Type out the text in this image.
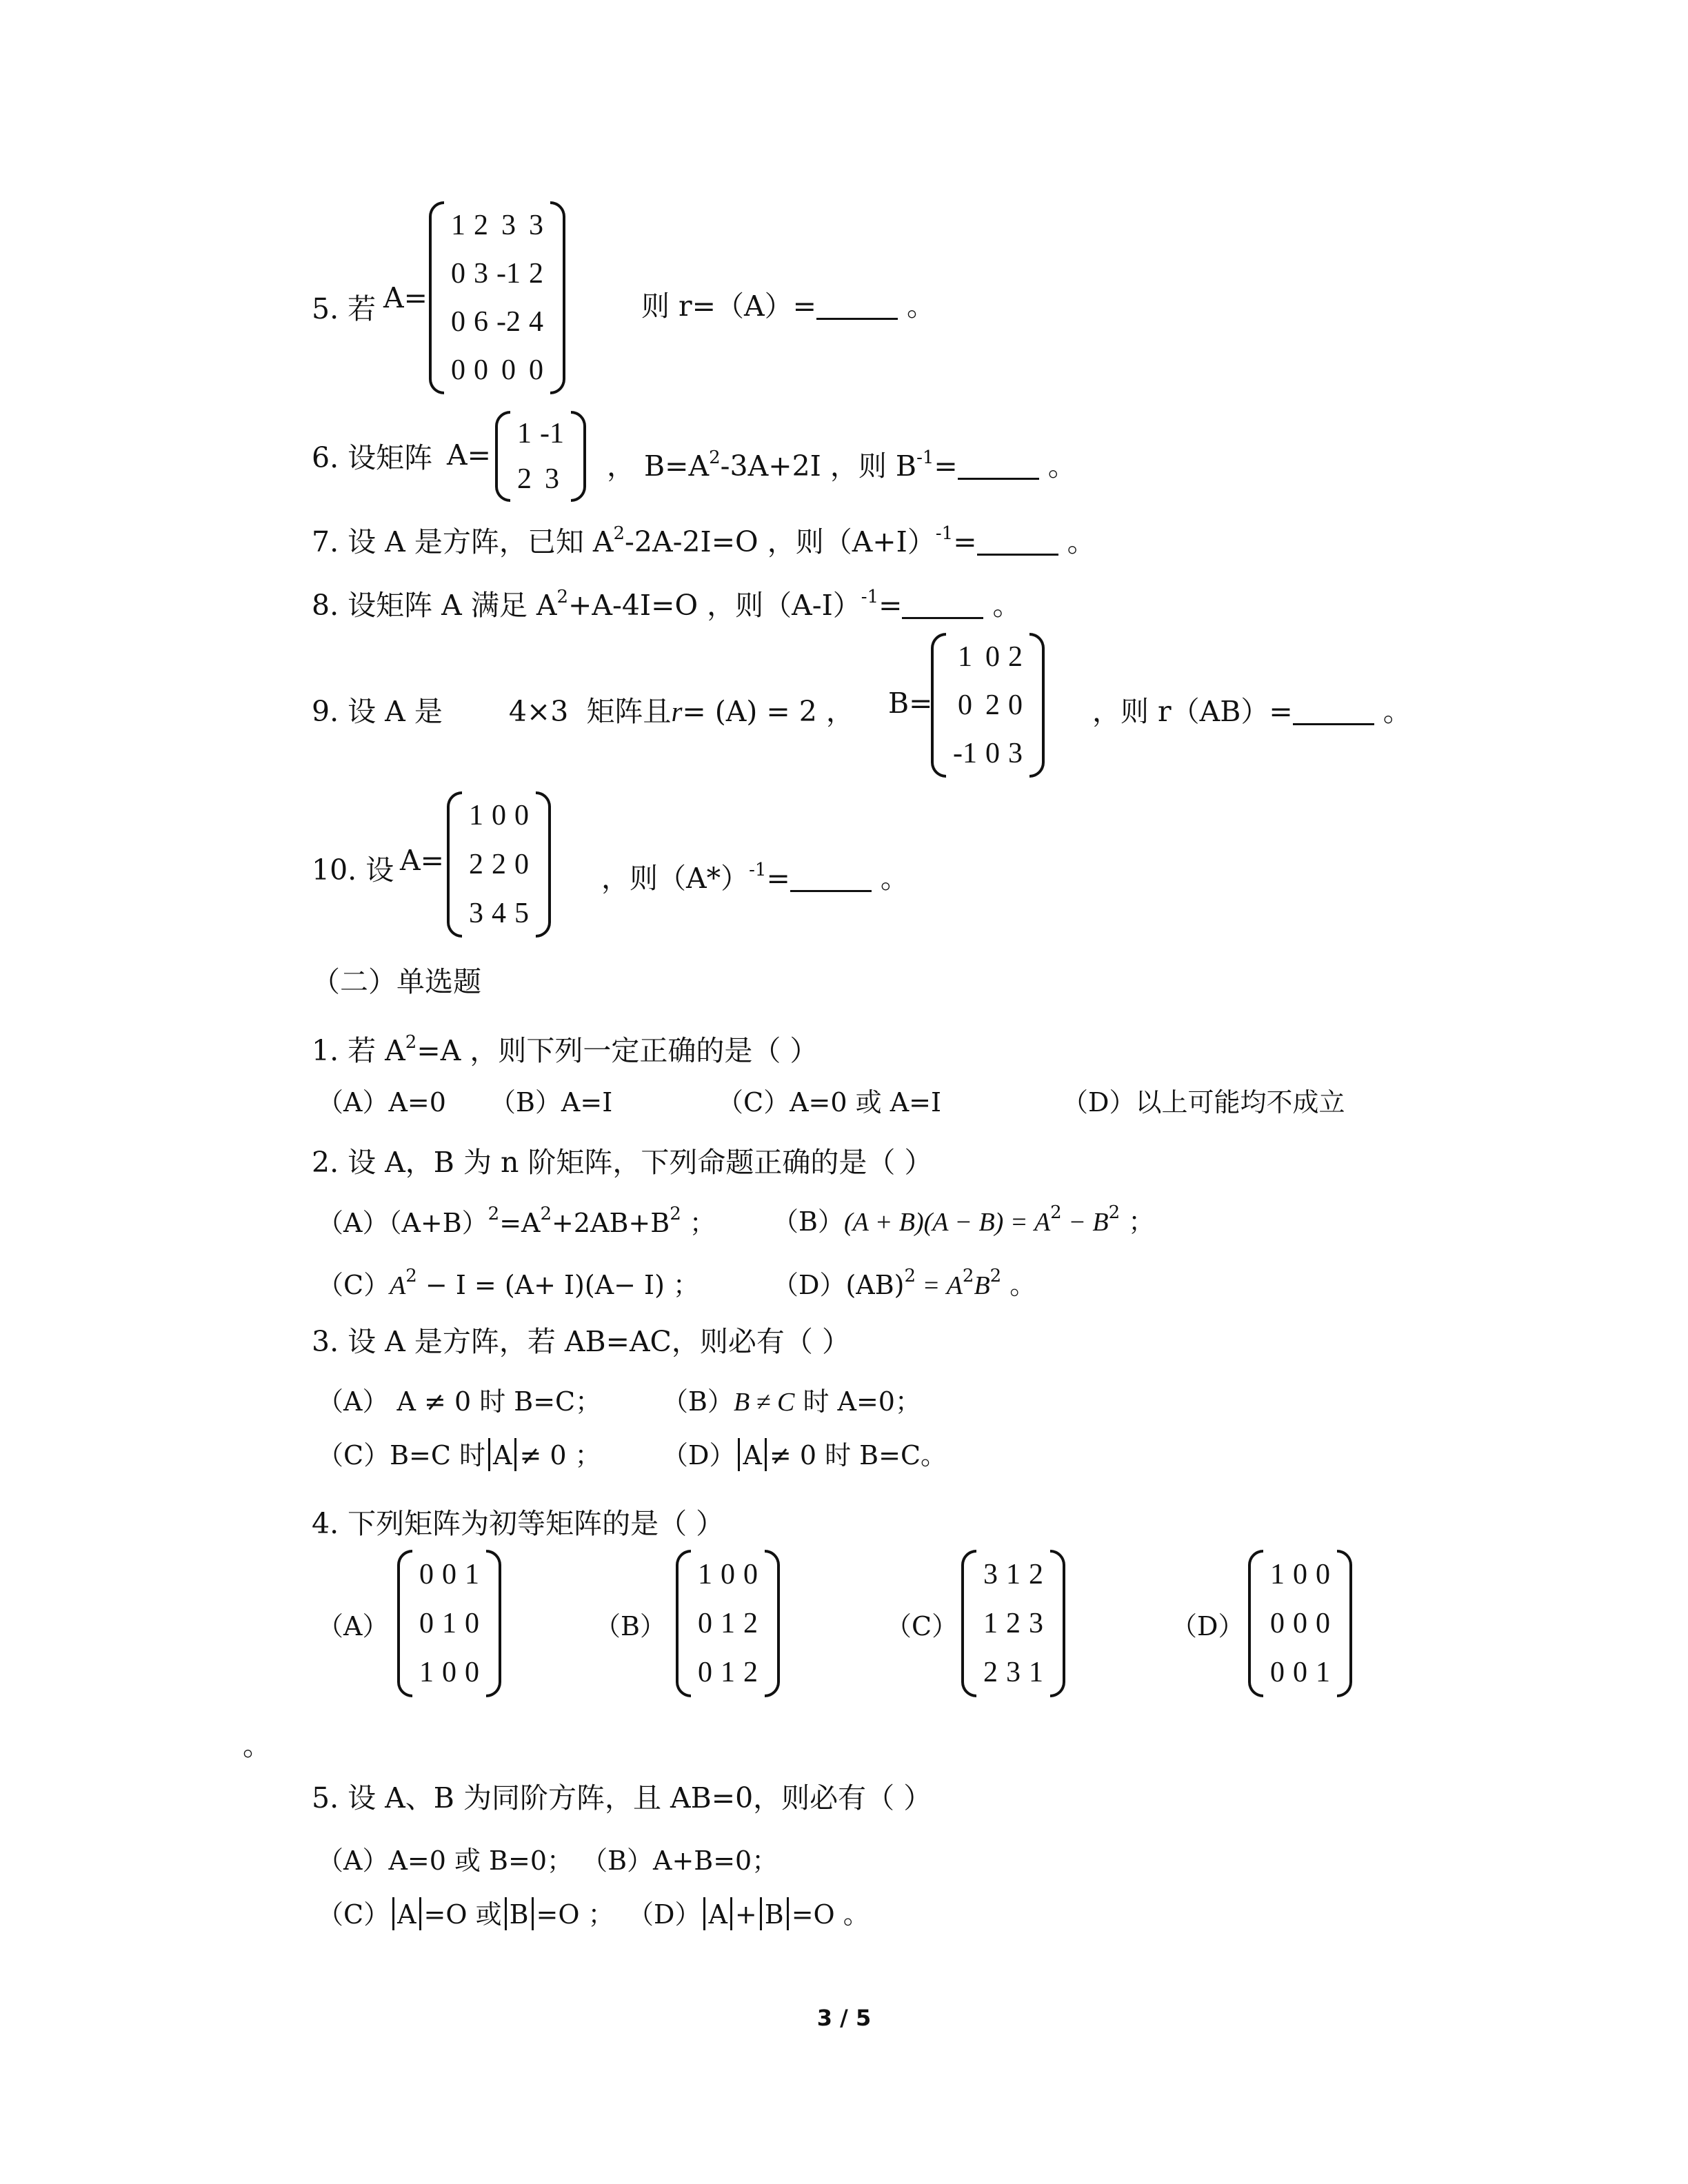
5. 若 A=
1	2	3	3
0	3	-1	2
0	6	-2	4
0	0	0	0
则 r=（A）=	。
6. 设矩阵 A=
1	-1
2	3 ， $B=A^2-3A+2I$ ，则 $B^{-1}=$	。
7. 设 A 是方阵，已知 $A^2-2A-2I=O$ ，则$(A+I)^{-1}=$	。
8. 设矩阵 A 满足 $A^2+A-4I=O$ ，则$(A-I)^{-1}=$	。
9. 设 A 是 4×3 矩阵且r= (A) = 2 ， B=
1	0	2
0	2	0
-1	0	3
，则 r（AB）=	。
10. 设 A=
1	0	0
2	2	0
3	4	5
，则$(A*)^{-1}=$	。
（二）单选题
1. 若 $A^2=A$ ，则下列一定正确的是（ ）
（A）A=0 （B）A=I	（C）A=0 或 A=I	（D）以上可能均不成立
2. 设 A，B 为 n 阶矩阵，下列命题正确的是（ ）
$(A)(A+B)^2=A^2+2AB+B^2$ ； $(B)(A + B)(A - B) = A^2 - B^2$ ；
$(C)A^2 - I = (A+ I)(A- I)$ ；	$(D)(AB)^2 = A^2B^2$ 。
3. 设 A 是方阵，若 AB=AC，则必有（ ）
（A） A ≠ 0 时 B=C； （B）B ≠ C 时 A=0；
（C）B=C 时 A ≠ 0 ； （D） A ≠ 0 时 B=C。
4. 下列矩阵为初等矩阵的是（ ）
（A）
0	0	1
0	1	0
1	0	0
（B）
1	0	0
0	1	2
0	1	2
（C）
3	1	2
1	2	3
2	3	1
（D）
1	0	0
0	0	0
0	0	1
。
5. 设 A、B 为同阶方阵，且 AB=0，则必有（ ）
（A）A=0 或 B=0； （B）A+B=0；
（C） A =O 或 B =O ； （D） A + B =O 。
3 / 5
